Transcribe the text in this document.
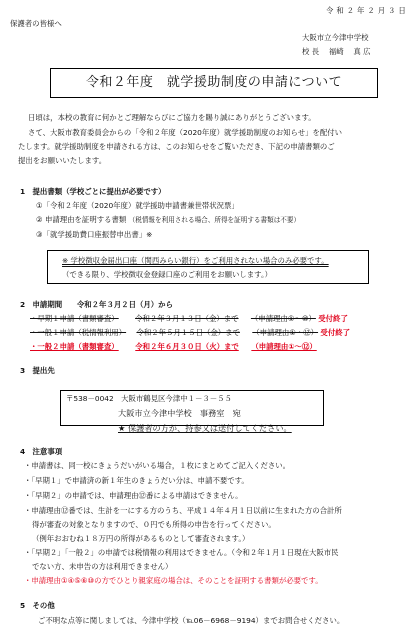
令 和 ２ 年 ２ 月 ３ 日
保護者の皆様へ
大阪市立今津中学校
校 長 　福崎　 真 広
令和２年度　就学援助制度の申請について
日頃は，本校の教育に何かとご理解ならびにご協力を賜り誠にありがとうございます。
さて、大阪市教育委員会からの「令和２年度（2020年度）就学援助制度のお知らせ」を配付い
たします。就学援助制度を申請される方は、このお知らせをご覧いただき、下記の申請書類のご
提出をお願いいたします。
1　提出書類（学校ごとに提出が必要です）
①「令和２年度（2020年度）就学援助申請書兼世帯状況票」
② 申請理由を証明する書類 （税情報を利用される場合、所得を証明する書類は不要）
③「就学援助費口座振替申出書」※
※ 学校徴収金届出口座（関西みらい銀行）をご利用されない場合のみ必要です。
（できる限り、学校徴収金登録口座のご利用をお願いします。）
2　申請期間　　令和２年３月２日（月）から
・早期１申請（書類審査） 令和２年３月１３日（金）まで （申請理由①～⑩） 受付終了
・一般１申請（税情報利用） 令和２年５月１５日（金）まで （申請理由①・⑫） 受付終了
・一般２申請（書類審査） 令和２年６月３０日（火）まで （申請理由①～⑫）
3　提出先
〒538－0042　大阪市鶴見区今津中１－３－５５
大阪市立今津中学校　事務室　宛
★ 保護者の方が、持参又は送付してください。
4　注意事項
・申請書は、同一校にきょうだいがいる場合，１枚にまとめてご記入ください。
・「早期１」で申請済の新１年生のきょうだい分は、申請不要です。
・「早期２」の申請では、申請理由⑫番による申請はできません。
・申請理由⑫番では、生計を一にする方のうち、平成１４年４月１日以前に生まれた方の合計所
得が審査の対象となりますので、０円でも所得の申告を行ってください。
（例年おおむね１８万円の所得があるものとして審査されます。）
・「早期２」「一般２」の申請では税情報の利用はできません。（令和２年１月１日現在大阪市民
でない方、未申告の方は利用できません）
・申請理由①④⑤⑥⑩の方でひとり親家庭の場合は、そのことを証明する書類が必要です。
5　その他
ご不明な点等に関しましては、今津中学校（℡06－6968－9194）までお問合せください。
